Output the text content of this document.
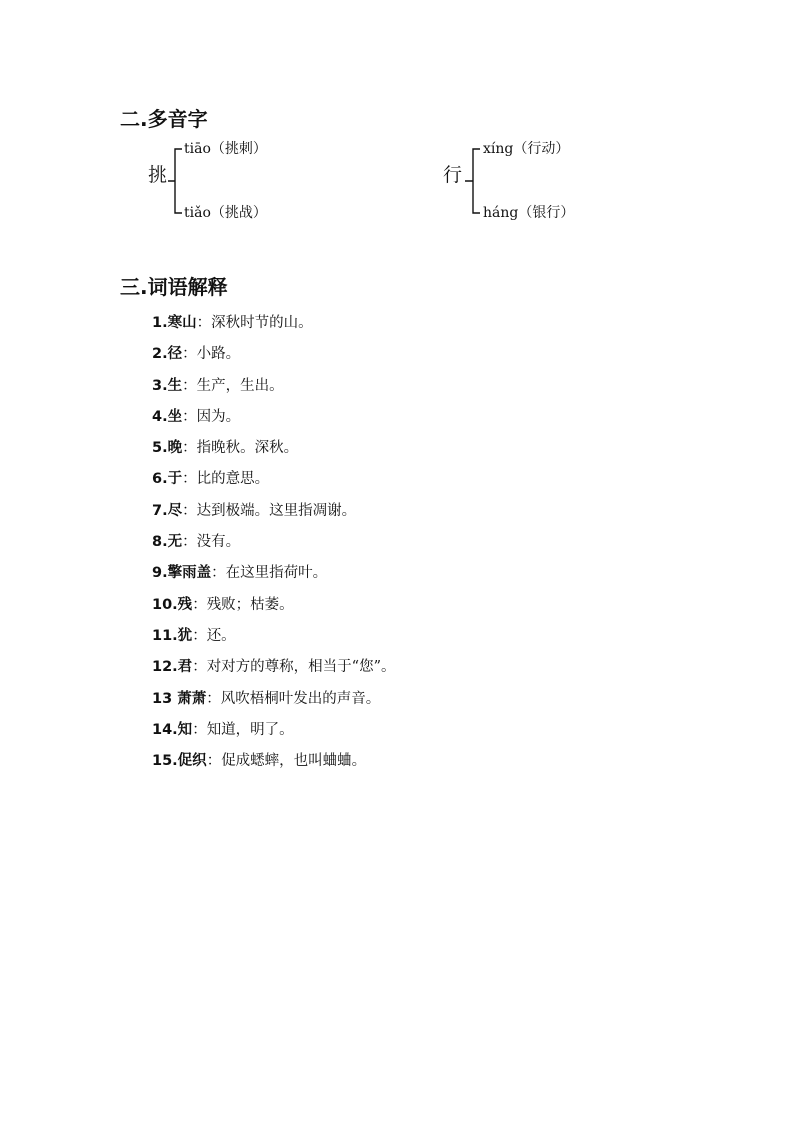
二.多音字
挑
tiāo（挑刺）
tiǎo（挑战）
行
xíng（行动）
háng（银行）
三.词语解释
1.寒山：深秋时节的山。
2.径：小路。
3.生：生产，生出。
4.坐：因为。
5.晚：指晚秋。深秋。
6.于：比的意思。
7.尽：达到极端。这里指凋谢。
8.无：没有。
9.擎雨盖：在这里指荷叶。
10.残：残败；枯萎。
11.犹：还。
12.君：对对方的尊称，相当于“您”。
13 萧萧：风吹梧桐叶发出的声音。
14.知：知道，明了。
15.促织：促成蟋蟀，也叫蛐蛐。
